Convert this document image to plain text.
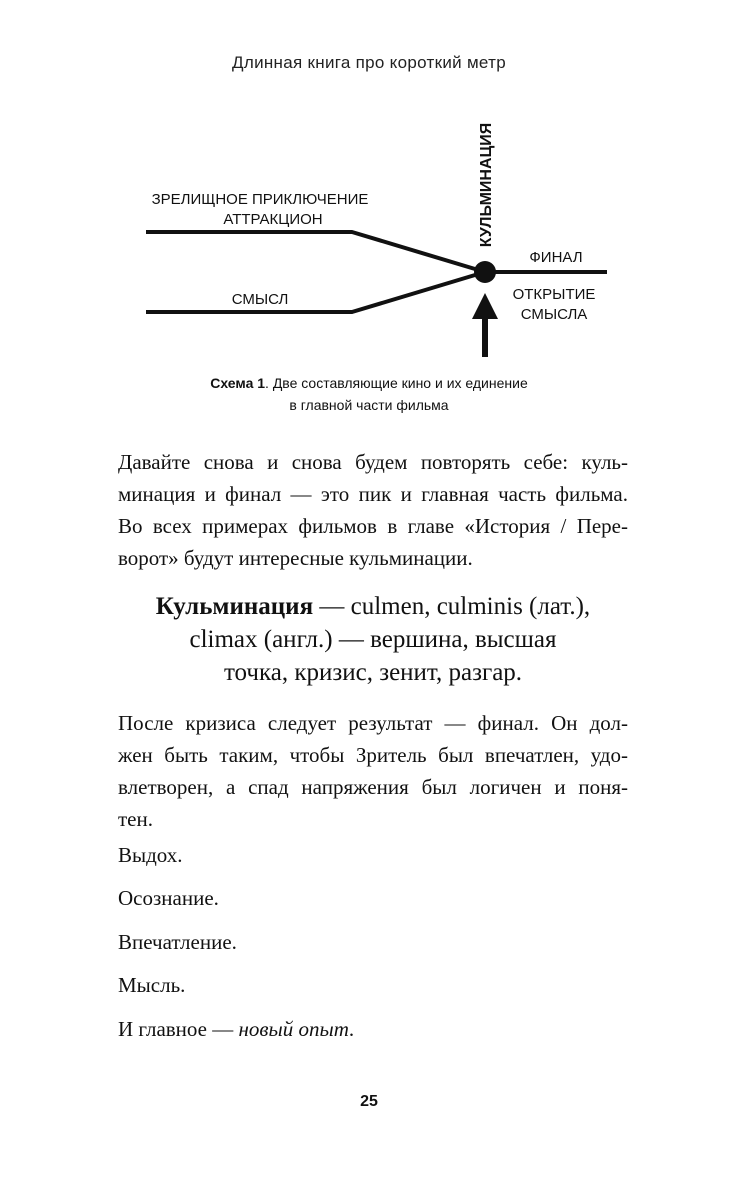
Длинная книга про короткий метр
ЗРЕЛИЩНОЕ ПРИКЛЮЧЕНИЕ
АТТРАКЦИОН
СМЫСЛ
КУЛЬМИНАЦИЯ
ФИНАЛ
ОТКРЫТИЕ
СМЫСЛА
Схема 1. Две составляющие кино и их единение
в главной части фильма
Давайте снова и снова будем повторять себе: куль-
минация и финал — это пик и главная часть фильма.
Во всех примерах фильмов в главе «История / Пере-
ворот» будут интересные кульминации.
Кульминация — culmen, culminis (лат.),
climax (англ.) — вершина, высшая
точка, кризис, зенит, разгар.
После кризиса следует результат — финал. Он дол-
жен быть таким, чтобы Зритель был впечатлен, удо-
влетворен, а спад напряжения был логичен и поня-
тен.

Выдох.

Осознание.

Впечатление.

Мысль.

И главное — новый опыт.

25
